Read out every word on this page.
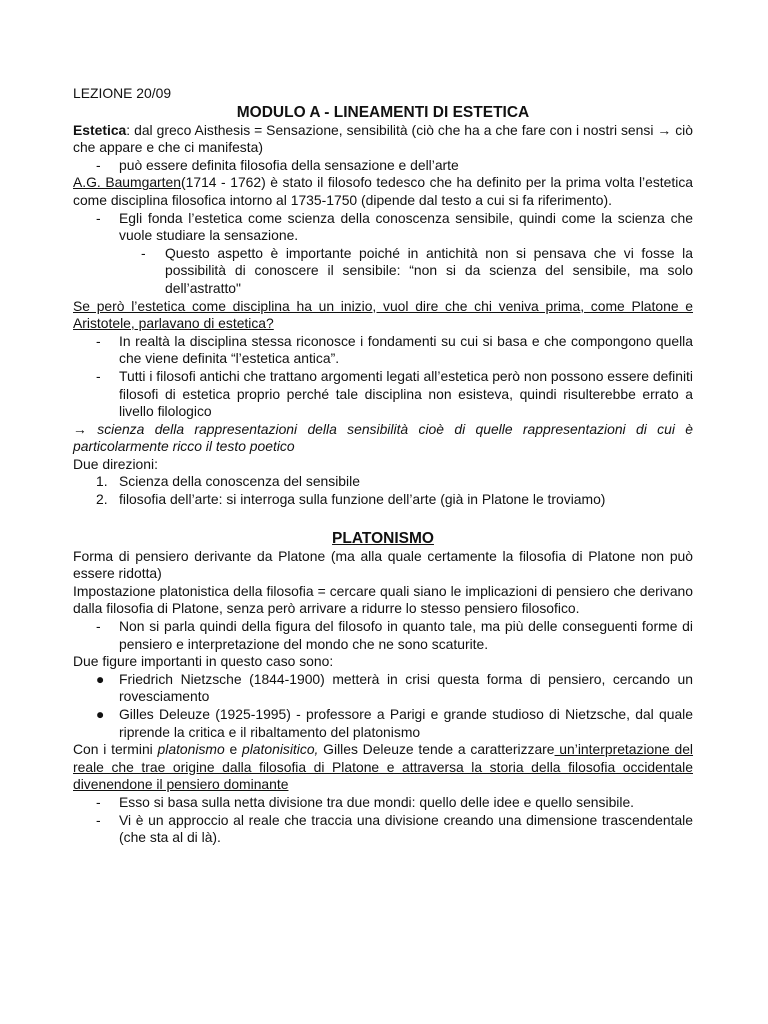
LEZIONE 20/09

MODULO A - LINEAMENTI DI ESTETICA

Estetica: dal greco Aisthesis = Sensazione, sensibilità (ciò che ha a che fare con i nostri sensi → ciò che appare e che ci manifesta)

- può essere definita filosofia della sensazione e dell’arte

A.G. Baumgarten(1714 - 1762) è stato il filosofo tedesco che ha definito per la prima volta l’estetica come disciplina filosofica intorno al 1735-1750 (dipende dal testo a cui si fa riferimento).

- Egli fonda l’estetica come scienza della conoscenza sensibile, quindi come la scienza che vuole studiare la sensazione.
- Questo aspetto è importante poiché in antichità non si pensava che vi fosse la possibilità di conoscere il sensibile: “non si da scienza del sensibile, ma solo dell’astratto"

Se però l’estetica come disciplina ha un inizio, vuol dire che chi veniva prima, come Platone e Aristotele, parlavano di estetica?

- In realtà la disciplina stessa riconosce i fondamenti su cui si basa e che compongono quella che viene definita “l’estetica antica”.
- Tutti i filosofi antichi che trattano argomenti legati all’estetica però non possono essere definiti filosofi di estetica proprio perché tale disciplina non esisteva, quindi risulterebbe errato a livello filologico

→ scienza della rappresentazioni della sensibilità cioè di quelle rappresentazioni di cui è particolarmente ricco il testo poetico

Due direzioni:

1. Scienza della conoscenza del sensibile
2. filosofia dell’arte: si interroga sulla funzione dell’arte (già in Platone le troviamo)

PLATONISMO

Forma di pensiero derivante da Platone (ma alla quale certamente la filosofia di Platone non può essere ridotta)

Impostazione platonistica della filosofia = cercare quali siano le implicazioni di pensiero che derivano dalla filosofia di Platone, senza però arrivare a ridurre lo stesso pensiero filosofico.

- Non si parla quindi della figura del filosofo in quanto tale, ma più delle conseguenti forme di pensiero e interpretazione del mondo che ne sono scaturite.

Due figure importanti in questo caso sono:

● Friedrich Nietzsche (1844-1900) metterà in crisi questa forma di pensiero, cercando un rovesciamento
● Gilles Deleuze (1925-1995) - professore a Parigi e grande studioso di Nietzsche, dal quale riprende la critica e il ribaltamento del platonismo

Con i termini platonismo e platonisitico, Gilles Deleuze tende a caratterizzare un’interpretazione del reale che trae origine dalla filosofia di Platone e attraversa la storia della filosofia occidentale divenendone il pensiero dominante

- Esso si basa sulla netta divisione tra due mondi: quello delle idee e quello sensibile.
- Vi è un approccio al reale che traccia una divisione creando una dimensione trascendentale (che sta al di là).
